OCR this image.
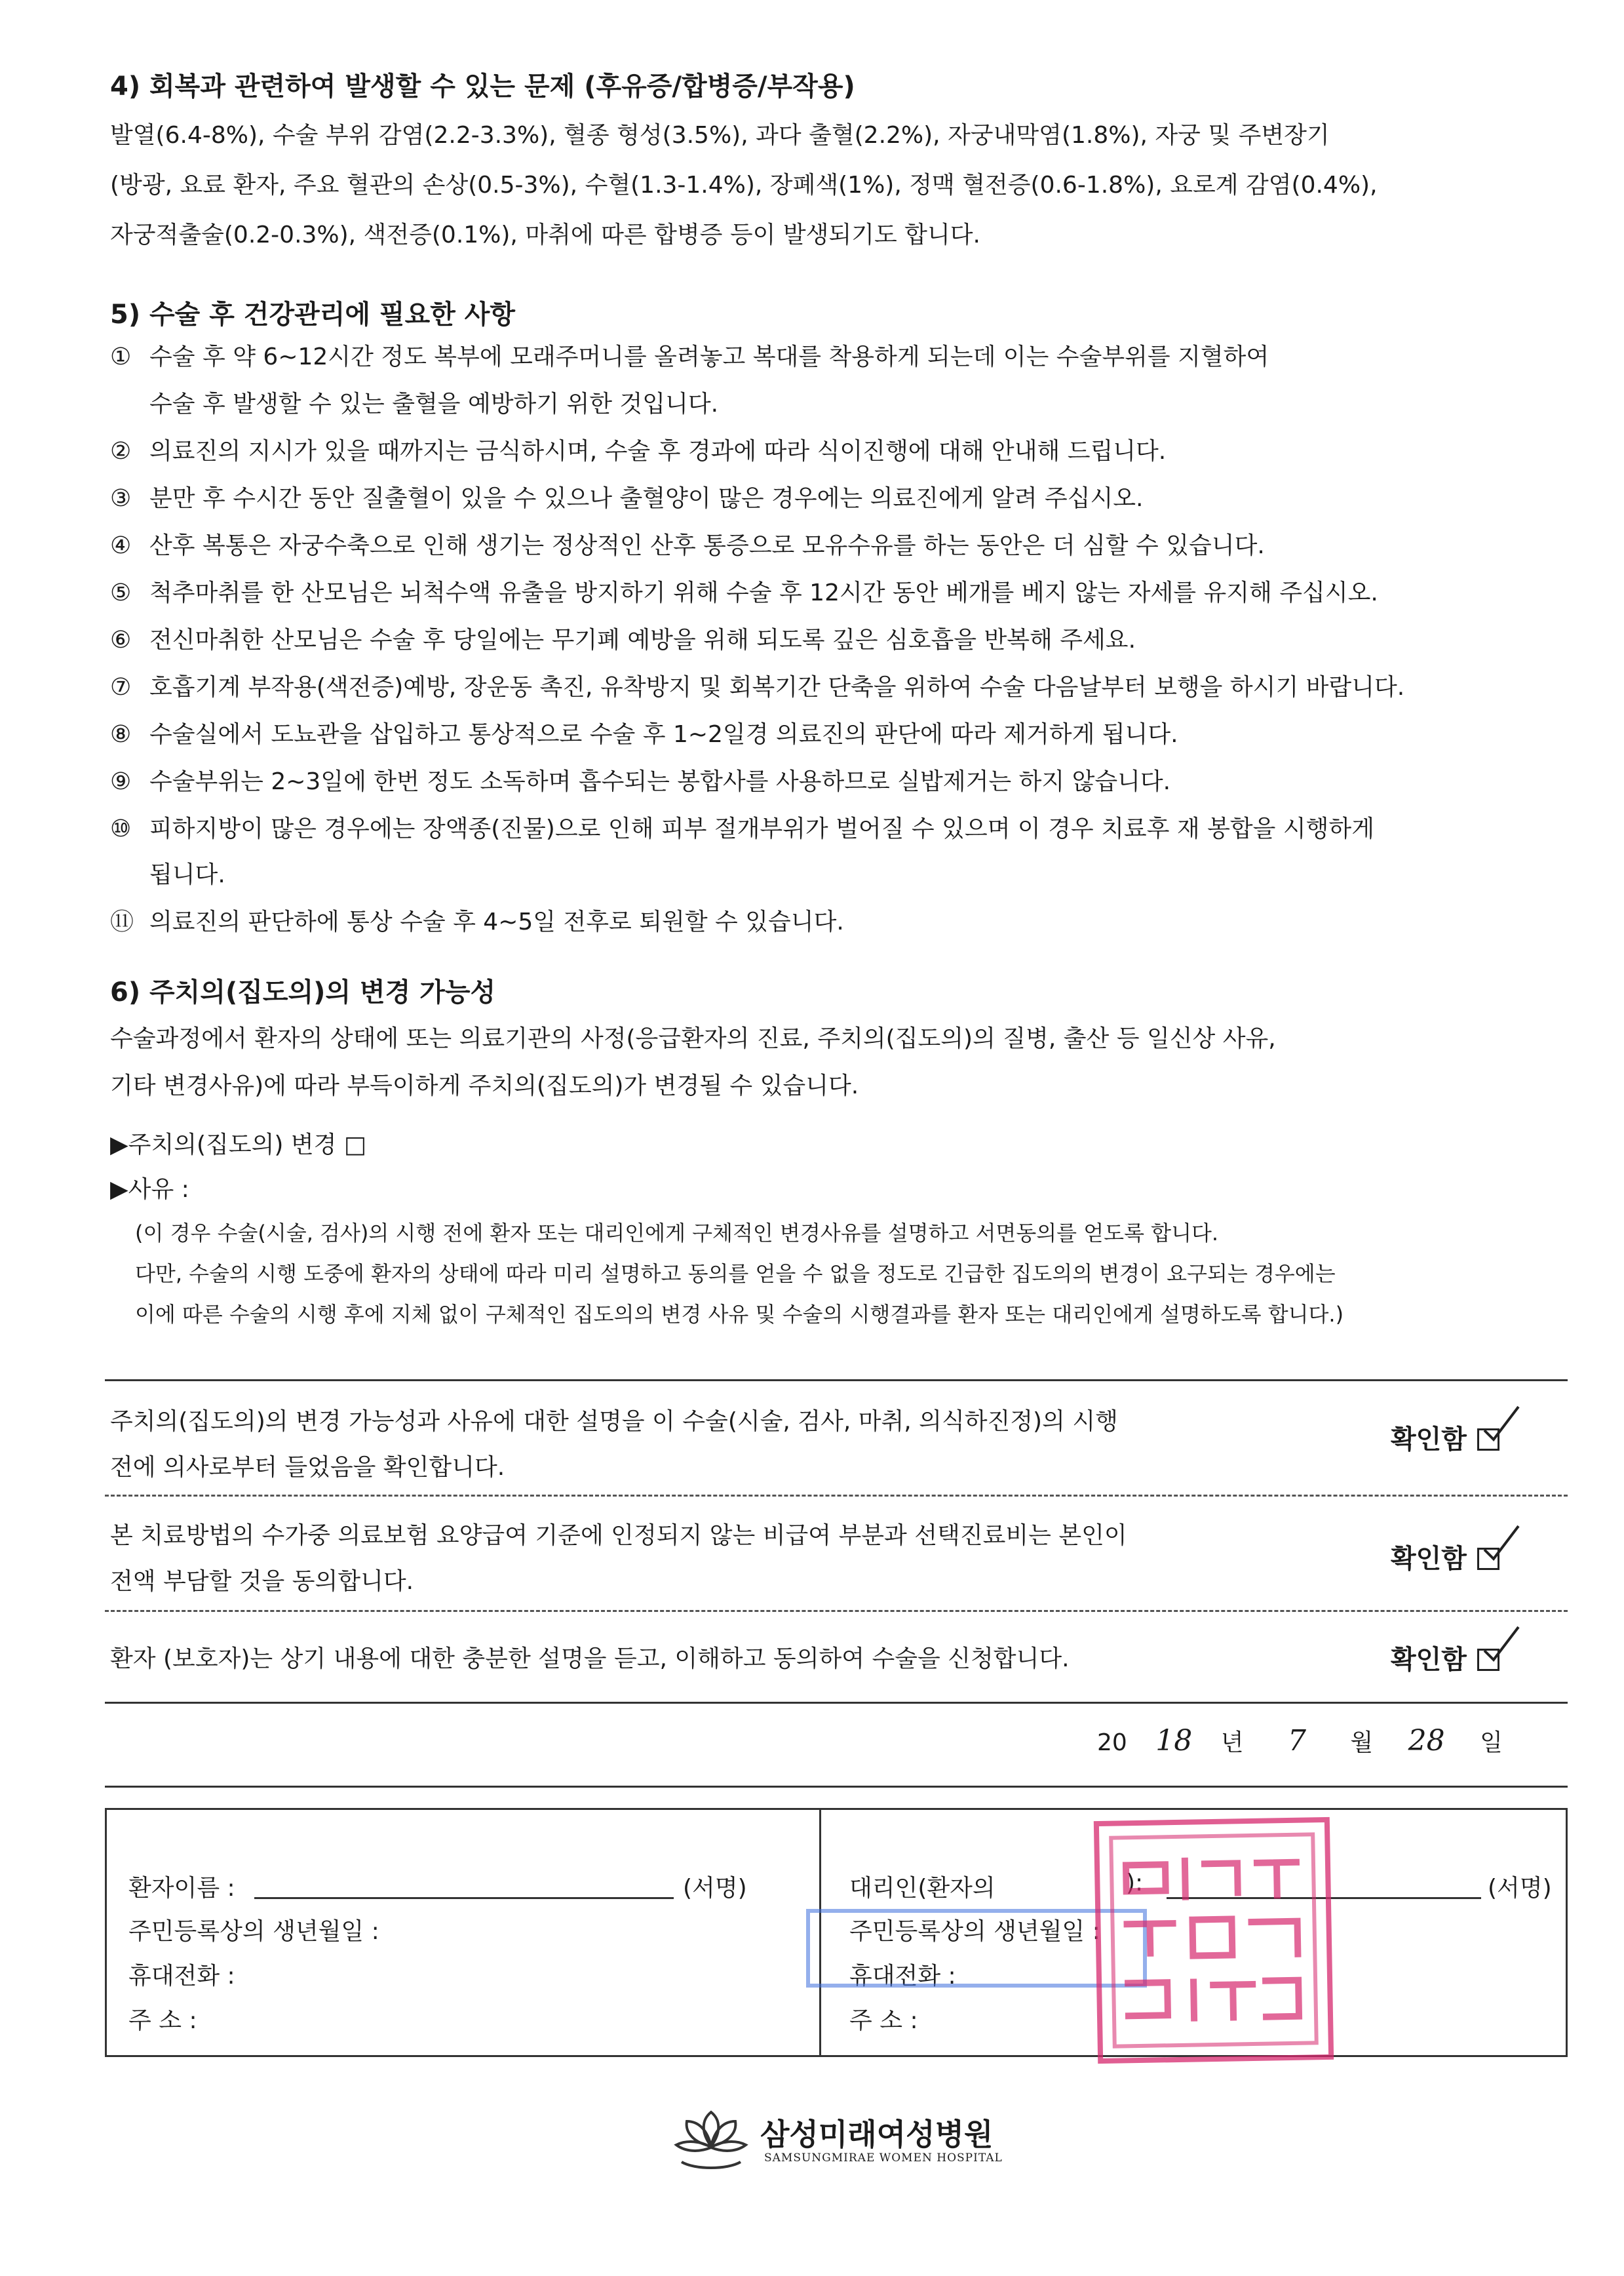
4) 회복과 관련하여 발생할 수 있는 문제 (후유증/합병증/부작용)
발열(6.4-8%), 수술 부위 감염(2.2-3.3%), 혈종 형성(3.5%), 과다 출혈(2.2%), 자궁내막염(1.8%), 자궁 및 주변장기
(방광, 요료 환자, 주요 혈관의 손상(0.5-3%), 수혈(1.3-1.4%), 장폐색(1%), 정맥 혈전증(0.6-1.8%), 요로계 감염(0.4%),
자궁적출술(0.2-0.3%), 색전증(0.1%), 마취에 따른 합병증 등이 발생되기도 합니다.
5) 수술 후 건강관리에 필요한 사항
① 수술 후 약 6~12시간 정도 복부에 모래주머니를 올려놓고 복대를 착용하게 되는데 이는 수술부위를 지혈하여
수술 후 발생할 수 있는 출혈을 예방하기 위한 것입니다.
② 의료진의 지시가 있을 때까지는 금식하시며, 수술 후 경과에 따라 식이진행에 대해 안내해 드립니다.
③ 분만 후 수시간 동안 질출혈이 있을 수 있으나 출혈양이 많은 경우에는 의료진에게 알려 주십시오.
④ 산후 복통은 자궁수축으로 인해 생기는 정상적인 산후 통증으로 모유수유를 하는 동안은 더 심할 수 있습니다.
⑤ 척추마취를 한 산모님은 뇌척수액 유출을 방지하기 위해 수술 후 12시간 동안 베개를 베지 않는 자세를 유지해 주십시오.
⑥ 전신마취한 산모님은 수술 후 당일에는 무기폐 예방을 위해 되도록 깊은 심호흡을 반복해 주세요.
⑦ 호흡기계 부작용(색전증)예방, 장운동 촉진, 유착방지 및 회복기간 단축을 위하여 수술 다음날부터 보행을 하시기 바랍니다.
⑧ 수술실에서 도뇨관을 삽입하고 통상적으로 수술 후 1~2일경 의료진의 판단에 따라 제거하게 됩니다.
⑨ 수술부위는 2~3일에 한번 정도 소독하며 흡수되는 봉합사를 사용하므로 실밥제거는 하지 않습니다.
⑩ 피하지방이 많은 경우에는 장액종(진물)으로 인해 피부 절개부위가 벌어질 수 있으며 이 경우 치료후 재 봉합을 시행하게
됩니다.
⑪ 의료진의 판단하에 통상 수술 후 4~5일 전후로 퇴원할 수 있습니다.
6) 주치의(집도의)의 변경 가능성
수술과정에서 환자의 상태에 또는 의료기관의 사정(응급환자의 진료, 주치의(집도의)의 질병, 출산 등 일신상 사유,
기타 변경사유)에 따라 부득이하게 주치의(집도의)가 변경될 수 있습니다.
▶주치의(집도의) 변경 □
▶사유 :
(이 경우 수술(시술, 검사)의 시행 전에 환자 또는 대리인에게 구체적인 변경사유를 설명하고 서면동의를 얻도록 합니다.
다만, 수술의 시행 도중에 환자의 상태에 따라 미리 설명하고 동의를 얻을 수 없을 정도로 긴급한 집도의의 변경이 요구되는 경우에는
이에 따른 수술의 시행 후에 지체 없이 구체적인 집도의의 변경 사유 및 수술의 시행결과를 환자 또는 대리인에게 설명하도록 합니다.)
주치의(집도의)의 변경 가능성과 사유에 대한 설명을 이 수술(시술, 검사, 마취, 의식하진정)의 시행
전에 의사로부터 들었음을 확인합니다.
확인함
본 치료방법의 수가중 의료보험 요양급여 기준에 인정되지 않는 비급여 부분과 선택진료비는 본인이
전액 부담할 것을 동의합니다.
확인함
환자 (보호자)는 상기 내용에 대한 충분한 설명을 듣고, 이해하고 동의하여 수술을 신청합니다.	확인함
20 18 년 7 월 28 일
환자이름 :	(서명)
주민등록상의 생년월일 :
휴대전화 :
주 소 :
대리인(환자의	):	(서명)
주민등록상의 생년월일 :
휴대전화 :
주 소 :
삼성미래여성병원
SAMSUNGMIRAE WOMEN HOSPITAL
